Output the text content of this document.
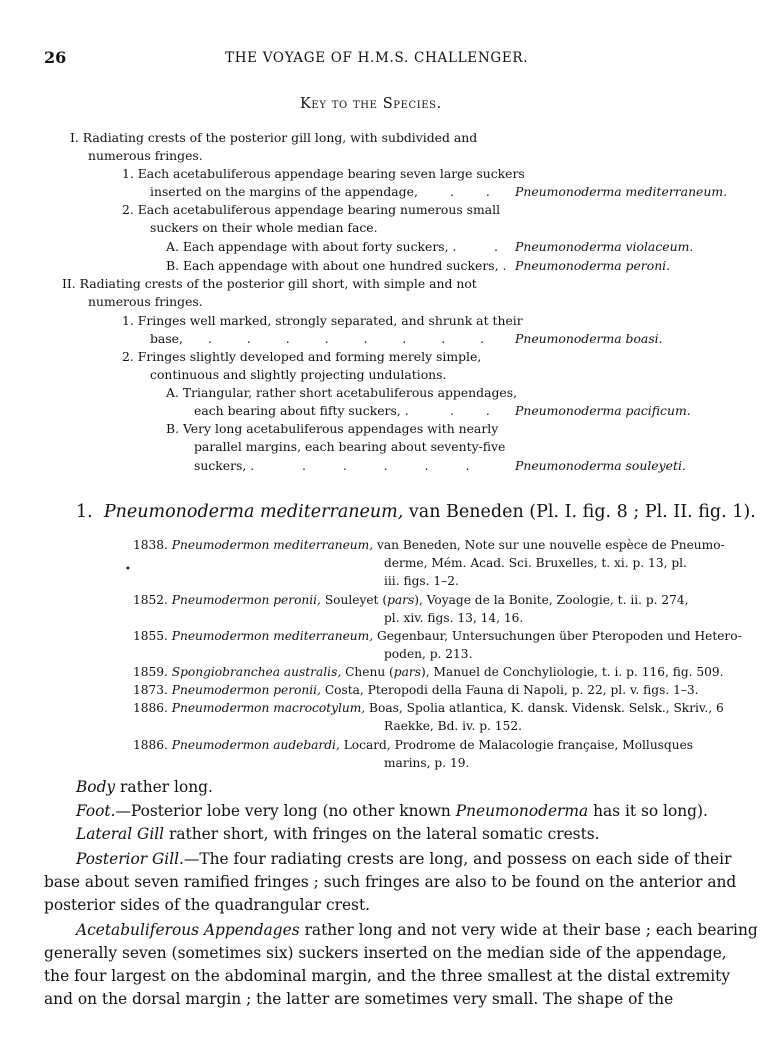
26	THE VOYAGE OF H.M.S. CHALLENGER.
Key to the Species.
I. Radiating crests of the posterior gill long, with subdivided and
numerous fringes.
1. Each acetabuliferous appendage bearing seven large suckers
inserted on the margins of the appendage,	. . Pneumonoderma mediterraneum.
2. Each acetabuliferous appendage bearing numerous small
suckers on their whole median face.
A. Each appendage with about forty suckers, .	. Pneumonoderma violaceum.
B. Each appendage with about one hundred suckers, . Pneumonoderma peroni.
II. Radiating crests of the posterior gill short, with simple and not
numerous fringes.
1. Fringes well marked, strongly separated, and shrunk at their
base, . . . . . . . . Pneumonoderma boasi.
2. Fringes slightly developed and forming merely simple,
continuous and slightly projecting undulations.
A. Triangular, rather short acetabuliferous appendages,
each bearing about fifty suckers, .	. . Pneumonoderma pacificum.
B. Very long acetabuliferous appendages with nearly
parallel margins, each bearing about seventy-five
suckers, .	. . . . .	Pneumonoderma souleyeti.
1. Pneumonoderma mediterraneum, van Beneden (Pl. I. fig. 8 ; Pl. II. fig. 1).
•
1838. Pneumodermon mediterraneum, van Beneden, Note sur une nouvelle espèce de Pneumo-
derme, Mém. Acad. Sci. Bruxelles, t. xi. p. 13, pl.
iii. figs. 1–2.
1852. Pneumodermon peronii, Souleyet (pars), Voyage de la Bonite, Zoologie, t. ii. p. 274,
pl. xiv. figs. 13, 14, 16.
1855. Pneumodermon mediterraneum, Gegenbaur, Untersuchungen über Pteropoden und Hetero-
poden, p. 213.
1859. Spongiobranchea australis, Chenu (pars), Manuel de Conchyliologie, t. i. p. 116, fig. 509.
1873. Pneumodermon peronii, Costa, Pteropodi della Fauna di Napoli, p. 22, pl. v. figs. 1–3.
1886. Pneumodermon macrocotylum, Boas, Spolia atlantica, K. dansk. Vidensk. Selsk., Skriv., 6
Raekke, Bd. iv. p. 152.
1886. Pneumodermon audebardi, Locard, Prodrome de Malacologie française, Mollusques
marins, p. 19.
Body rather long.
Foot.—Posterior lobe very long (no other known Pneumonoderma has it so long).
Lateral Gill rather short, with fringes on the lateral somatic crests.
Posterior Gill.—The four radiating crests are long, and possess on each side of their
base about seven ramified fringes ; such fringes are also to be found on the anterior and
posterior sides of the quadrangular crest.
Acetabuliferous Appendages rather long and not very wide at their base ; each bearing
generally seven (sometimes six) suckers inserted on the median side of the appendage,
the four largest on the abdominal margin, and the three smallest at the distal extremity
and on the dorsal margin ; the latter are sometimes very small. The shape of the
